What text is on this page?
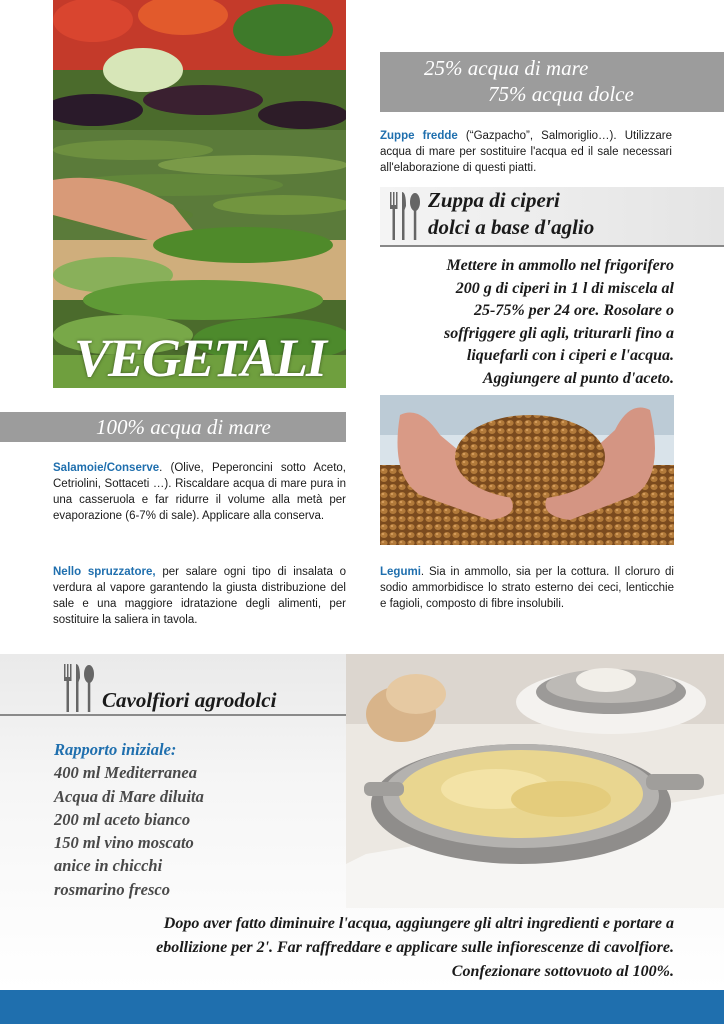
VEGETALI
25% acqua di mare
75% acqua dolce
Zuppe fredde (“Gazpacho”, Salmoriglio…). Utilizzare acqua di mare per sostituire l'acqua ed il sale necessari all'elaborazione di questi piatti.
Zuppa di ciperi
dolci a base d'aglio
Mettere in ammollo nel frigorifero
200 g di ciperi in 1 l di miscela al
25-75% per 24 ore. Rosolare o
soffriggere gli agli, triturarli fino a
liquefarli con i ciperi e l'acqua.
Aggiungere al punto d'aceto.
100% acqua di mare
Salamoie/Conserve. (Olive, Peperoncini sotto Aceto, Cetriolini, Sottaceti …). Riscaldare acqua di mare pura in una casseruola e far ridurre il volume alla metà per evaporazione (6-7% di sale). Applicare alla conserva.
Nello spruzzatore, per salare ogni tipo di insalata o verdura al vapore garantendo la giusta distribuzione del sale e una maggiore idratazione degli alimenti, per sostituire la saliera in tavola.
Legumi. Sia in ammollo, sia per la cottura. Il cloruro di sodio ammorbidisce lo strato esterno dei ceci, lenticchie e fagioli, composto di fibre insolubili.
Cavolfiori agrodolci
Rapporto iniziale:
400 ml Mediterranea
Acqua di Mare diluita
200 ml aceto bianco
150 ml vino moscato
anice in chicchi
rosmarino fresco
Dopo aver fatto diminuire l'acqua, aggiungere gli altri ingredienti e portare a
ebollizione per 2'. Far raffreddare e applicare sulle infiorescenze di cavolfiore.
Confezionare sottovuoto al 100%.
